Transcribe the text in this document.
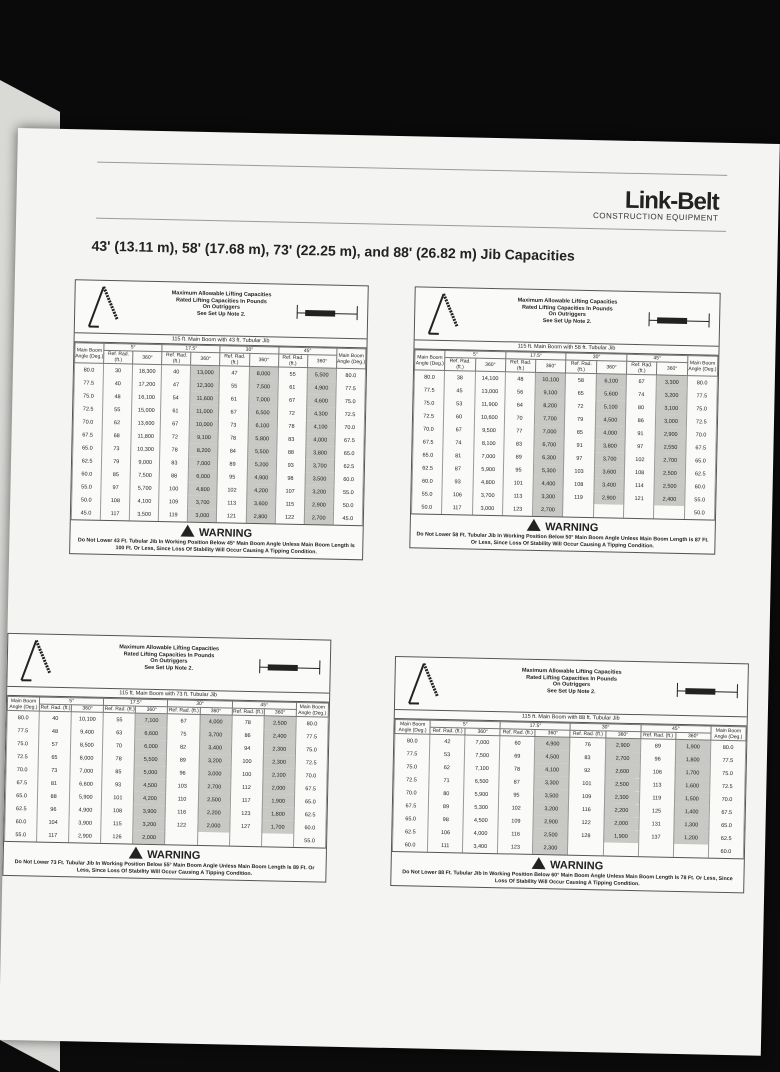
Link-Belt
CONSTRUCTION EQUIPMENT
43' (13.11 m), 58' (17.68 m), 73' (22.25 m), and 88' (26.82 m) Jib Capacities
Maximum Allowable Lifting Capacities
Rated Lifting Capacities In Pounds
On Outriggers
See Set Up Note 2.
115 ft. Main Boom with 43 ft. Tubular Jib
Main Boom Angle (Deg.)	5°		17.5°		30°		45°		Main Boom Angle (Deg.)
	Ref. Rad. (ft.)	360°	Ref. Rad. (ft.)	360°	Ref. Rad. (ft.)	360°	Ref. Rad. (ft.)	360°	
80.0	30	18,300	40	13,000	47	8,000	55	5,500	80.0
77.5	40	17,200	47	12,300	55	7,500	61	4,900	77.5
75.0	48	16,100	54	11,600	61	7,000	67	4,600	75.0
72.5	55	15,000	61	11,000	67	6,500	72	4,300	72.5
70.0	62	13,600	67	10,000	73	6,100	78	4,100	70.0
67.5	68	11,800	72	9,100	78	5,800	83	4,000	67.5
65.0	73	10,300	78	8,200	84	5,500	88	3,800	65.0
62.5	79	9,000	83	7,000	89	5,200	93	3,700	62.5
60.0	85	7,500	88	6,000	95	4,900	98	3,500	60.0
55.0	97	5,700	100	4,800	102	4,200	107	3,200	55.0
50.0	108	4,100	109	3,700	113	3,600	115	2,900	50.0
45.0	117	3,500	119	3,000	121	2,800	122	2,700	45.0
WARNING
Do Not Lower 43 Ft. Tubular Jib In Working Position Below 45° Main Boom Angle Unless Main Boom Length Is 100 Ft. Or Less, Since Loss Of Stability Will Occur Causing A Tipping Condition.
Maximum Allowable Lifting Capacities
Rated Lifting Capacities In Pounds
On Outriggers
See Set Up Note 2.
115 ft. Main Boom with 58 ft. Tubular Jib
Main Boom Angle (Deg.)	5°		17.5°		30°		45°		Main Boom Angle (Deg.)
	Ref. Rad. (ft.)	360°	Ref. Rad. (ft.)	360°	Ref. Rad. (ft.)	360°	Ref. Rad. (ft.)	360°	
80.0	38	14,100	48	10,100	58	6,100	67	3,300	80.0
77.5	45	13,000	56	9,100	65	5,600	74	3,200	77.5
75.0	53	11,900	64	8,200	72	5,100	80	3,100	75.0
72.5	60	10,600	70	7,700	79	4,500	86	3,000	72.5
70.0	67	9,500	77	7,000	85	4,000	91	2,900	70.0
67.5	74	8,100	83	6,700	91	3,800	97	2,550	67.5
65.0	81	7,000	89	6,300	97	3,700	102	2,700	65.0
62.5	87	5,900	95	5,300	103	3,600	108	2,500	62.5
60.0	93	4,800	101	4,400	108	3,400	114	2,500	60.0
55.0	106	3,700	113	3,300	119	2,900	121	2,400	55.0
50.0	117	3,000	123	2,700					50.0
WARNING
Do Not Lower 58 Ft. Tubular Jib In Working Position Below 50° Main Boom Angle Unless Main Boom Length Is 87 Ft. Or Less, Since Loss Of Stability Will Occur Causing A Tipping Condition.
Maximum Allowable Lifting Capacities
Rated Lifting Capacities In Pounds
On Outriggers
See Set Up Note 2.
115 ft. Main Boom with 73 ft. Tubular Jib
Main Boom Angle (Deg.)	5°		17.5°		30°		45°		Main Boom Angle (Deg.)
	Ref. Rad. (ft.)	360°	Ref. Rad. (ft.)	360°	Ref. Rad. (ft.)	360°	Ref. Rad. (ft.)	360°	
80.0	40	10,100	55	7,100	67	4,000	78	2,500	80.0
77.5	48	9,400	63	6,600	75	3,700	86	2,400	77.5
75.0	57	8,500	70	6,000	82	3,400	94	2,300	75.0
72.5	65	8,000	78	5,500	89	3,200	100	2,300	72.5
70.0	73	7,000	85	5,000	96	3,000	100	2,100	70.0
67.5	81	6,600	93	4,500	103	2,700	112	2,000	67.5
65.0	88	5,900	101	4,200	110	2,500	117	1,900	65.0
62.5	96	4,900	108	3,900	116	2,200	123	1,800	62.5
60.0	104	3,900	115	3,200	122	2,000	127	1,700	60.0
55.0	117	2,900	126	2,000					55.0
WARNING
Do Not Lower 73 Ft. Tubular Jib In Working Position Below 55° Main Boom Angle Unless Main Boom Length Is 89 Ft. Or Less, Since Loss Of Stability Will Occur Causing A Tipping Condition.
Maximum Allowable Lifting Capacities
Rated Lifting Capacities In Pounds
On Outriggers
See Set Up Note 2.
115 ft. Main Boom with 88 ft. Tubular Jib
Main Boom Angle (Deg.)	5°		17.5°		30°		45°		Main Boom Angle (Deg.)
	Ref. Rad. (ft.)	360°	Ref. Rad. (ft.)	360°	Ref. Rad. (ft.)	360°	Ref. Rad. (ft.)	360°	
80.0	42	7,000	60	4,900	76	2,900	89	1,900	80.0
77.5	53	7,500	69	4,500	83	2,700	96	1,800	77.5
75.0	62	7,100	78	4,100	92	2,600	106	1,700	75.0
72.5	71	6,500	87	3,300	101	2,500	113	1,600	72.5
70.0	80	5,900	95	3,500	109	2,300	119	1,500	70.0
67.5	89	5,300	102	3,200	116	2,200	125	1,400	67.5
65.0	98	4,500	109	2,900	122	2,000	131	1,300	65.0
62.5	106	4,000	116	2,500	128	1,900	137	1,200	62.5
60.0	111	3,400	123	2,300					60.0
WARNING
Do Not Lower 88 Ft. Tubular Jib In Working Position Below 60° Main Boom Angle Unless Main Boom Length Is 78 Ft. Or Less, Since Loss Of Stability Will Occur Causing A Tipping Condition.
